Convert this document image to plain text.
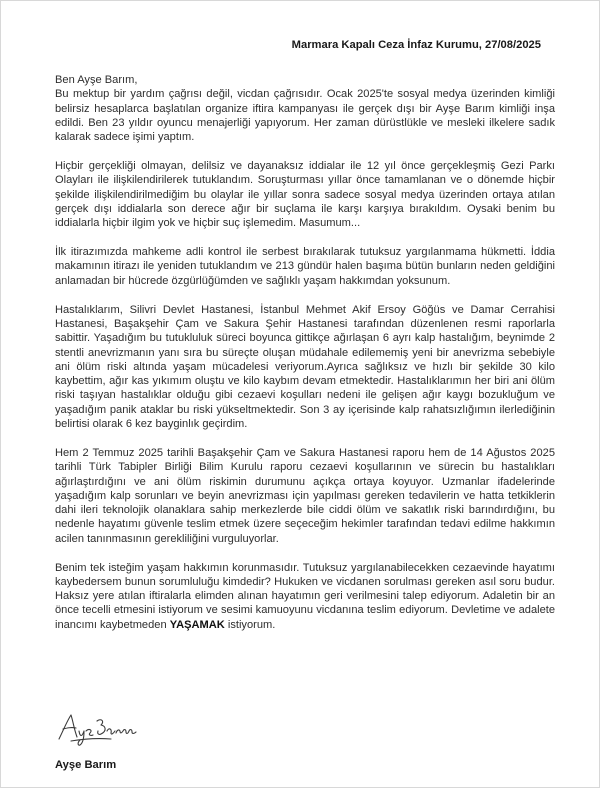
Marmara Kapalı Ceza İnfaz Kurumu, 27/08/2025

Ben Ayşe Barım,

Bu mektup bir yardım çağrısı değil, vicdan çağrısıdır. Ocak 2025'te sosyal medya üzerinden kimliği belirsiz hesaplarca başlatılan organize iftira kampanyası ile gerçek dışı bir Ayşe Barım kimliği inşa edildi. Ben 23 yıldır oyuncu menajerliği yapıyorum. Her zaman dürüstlükle ve mesleki ilkelere sadık kalarak sadece işimi yaptım.

Hiçbir gerçekliği olmayan, delilsiz ve dayanaksız iddialar ile 12 yıl önce gerçekleşmiş Gezi Parkı Olayları ile ilişkilendirilerek tutuklandım. Soruşturması yıllar önce tamamlanan ve o dönemde hiçbir şekilde ilişkilendirilmediğim bu olaylar ile yıllar sonra sadece sosyal medya üzerinden ortaya atılan gerçek dışı iddialarla son derece ağır bir suçlama ile karşı karşıya bırakıldım. Oysaki benim bu iddialarla hiçbir ilgim yok ve hiçbir suç işlemedim. Masumum...

İlk itirazımızda mahkeme adli kontrol ile serbest bırakılarak tutuksuz yargılanmama hükmetti. İddia makamının itirazı ile yeniden tutuklandım ve 213 gündür halen başıma bütün bunların neden geldiğini anlamadan bir hücrede özgürlüğümden ve sağlıklı yaşam hakkımdan yoksunum.

Hastalıklarım, Silivri Devlet Hastanesi, İstanbul Mehmet Akif Ersoy Göğüs ve Damar Cerrahisi Hastanesi, Başakşehir Çam ve Sakura Şehir Hastanesi tarafından düzenlenen resmi raporlarla sabittir. Yaşadığım bu tutukluluk süreci boyunca gittikçe ağırlaşan 6 ayrı kalp hastalığım, beynimde 2 stentli anevrizmanın yanı sıra bu süreçte oluşan müdahale edilememiş yeni bir anevrizma sebebiyle ani ölüm riski altında yaşam mücadelesi veriyorum.Ayrıca sağlıksız ve hızlı bir şekilde 30 kilo kaybettim, ağır kas yıkımım oluştu ve kilo kaybım devam etmektedir. Hastalıklarımın her biri ani ölüm riski taşıyan hastalıklar olduğu gibi cezaevi koşulları nedeni ile gelişen ağır kaygı bozukluğum ve yaşadığım panik ataklar bu riski yükseltmektedir. Son 3 ay içerisinde kalp rahatsızlığımın ilerlediğinin belirtisi olarak 6 kez bayginlık geçirdim.

Hem 2 Temmuz 2025 tarihli Başakşehir Çam ve Sakura Hastanesi raporu hem de 14 Ağustos 2025 tarihli Türk Tabipler Birliği Bilim Kurulu raporu cezaevi koşullarının ve sürecin bu hastalıkları ağırlaştırdığını ve ani ölüm riskimin durumunu açıkça ortaya koyuyor. Uzmanlar ifadelerinde yaşadığım kalp sorunları ve beyin anevrizması için yapılması gereken tedavilerin ve hatta tetkiklerin dahi ileri teknolojik olanaklara sahip merkezlerde bile ciddi ölüm ve sakatlık riski barındırdığını, bu nedenle hayatımı güvenle teslim etmek üzere seçeceğim hekimler tarafından tedavi edilme hakkımın acilen tanınmasının gerekliliğini vurguluyorlar.

Benim tek isteğim yaşam hakkımın korunmasıdır. Tutuksuz yargılanabilecekken cezaevinde hayatımı kaybedersem bunun sorumluluğu kimdedir? Hukuken ve vicdanen sorulması gereken asıl soru budur. Haksız yere atılan iftiralarla elimden alınan hayatımın geri verilmesini talep ediyorum. Adaletin bir an önce tecelli etmesini istiyorum ve sesimi kamuoyunu vicdanına teslim ediyorum. Devletime ve adalete inancımı kaybetmeden YAŞAMAK istiyorum.

Ayşe Barım
